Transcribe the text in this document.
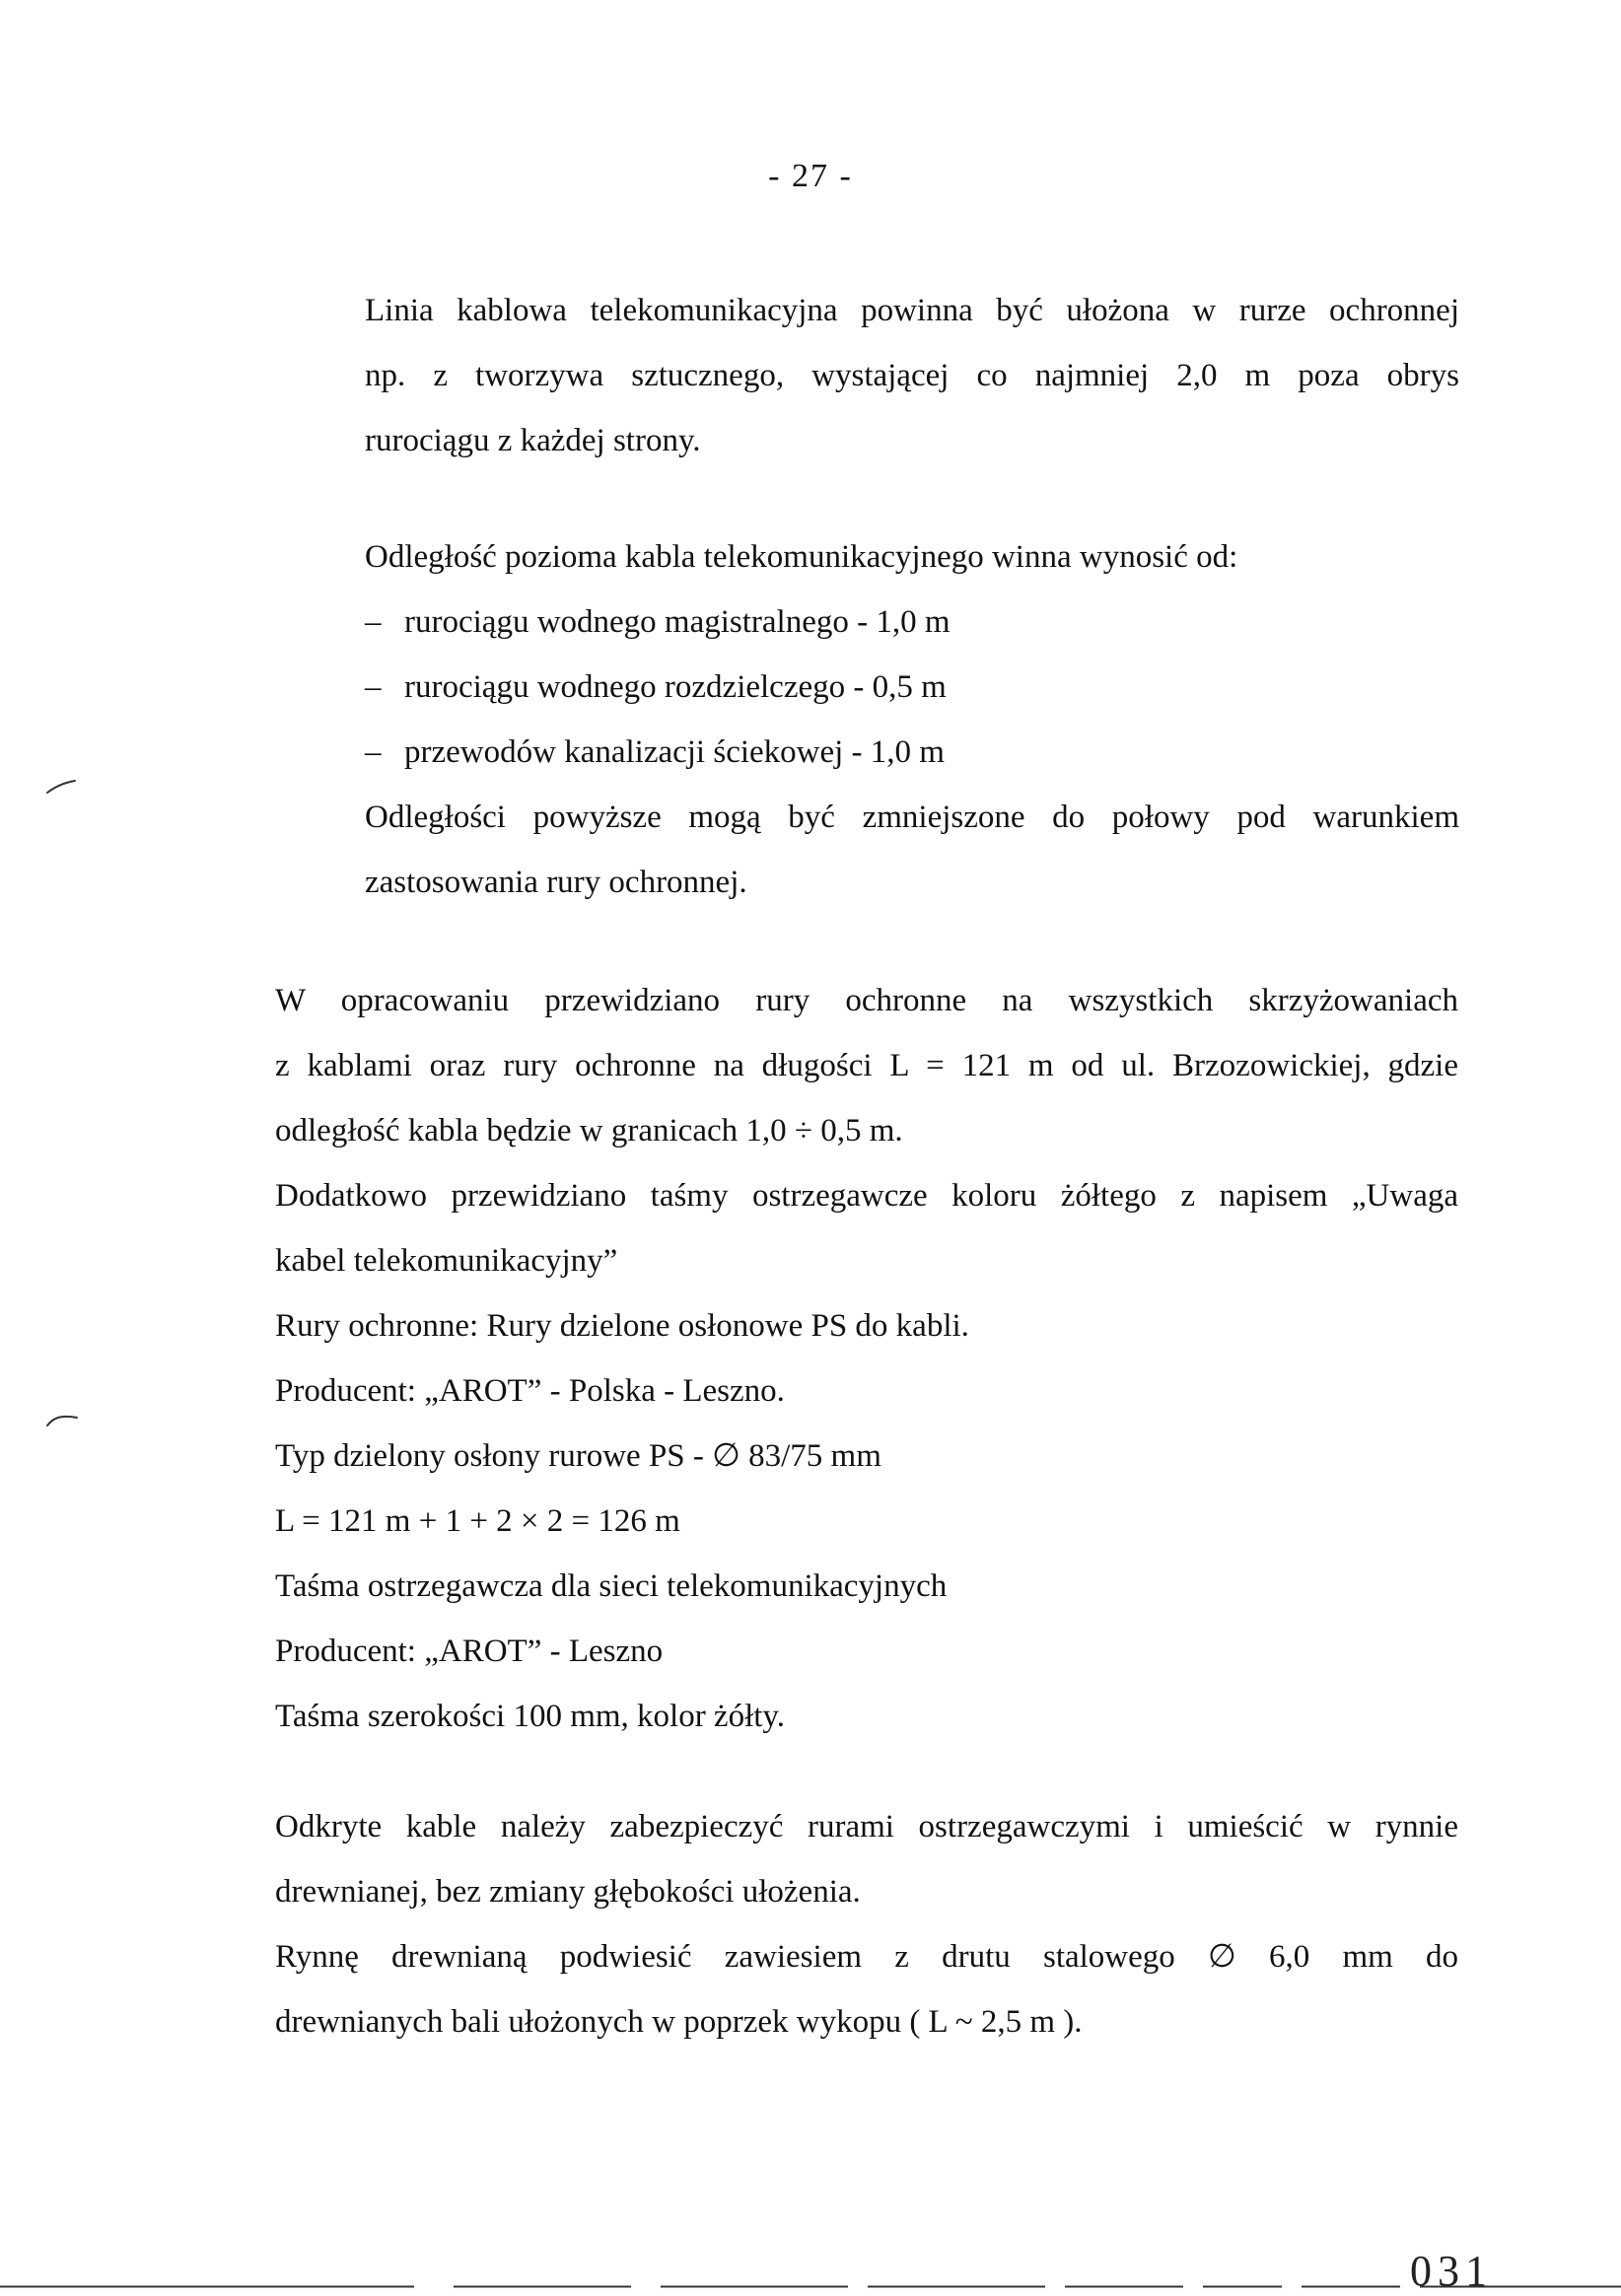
- 27 -
Linia kablowa telekomunikacyjna powinna być ułożona w rurze ochronnej
np. z tworzywa sztucznego, wystającej co najmniej 2,0 m poza obrys
rurociągu z każdej strony.
Odległość pozioma kabla telekomunikacyjnego winna wynosić od:
– rurociągu wodnego magistralnego - 1,0 m
– rurociągu wodnego rozdzielczego - 0,5 m
– przewodów kanalizacji ściekowej - 1,0 m
Odległości powyższe mogą być zmniejszone do połowy pod warunkiem
zastosowania rury ochronnej.
W opracowaniu przewidziano rury ochronne na wszystkich skrzyżowaniach
z kablami oraz rury ochronne na długości L = 121 m od ul. Brzozowickiej, gdzie
odległość kabla będzie w granicach 1,0 ÷ 0,5 m.
Dodatkowo przewidziano taśmy ostrzegawcze koloru żółtego z napisem „Uwaga
kabel telekomunikacyjny”
Rury ochronne: Rury dzielone osłonowe PS do kabli.
Producent: „AROT” - Polska - Leszno.
Typ dzielony osłony rurowe PS - ∅ 83/75 mm
L = 121 m + 1 + 2 × 2 = 126 m
Taśma ostrzegawcza dla sieci telekomunikacyjnych
Producent: „AROT” - Leszno
Taśma szerokości 100 mm, kolor żółty.
Odkryte kable należy zabezpieczyć rurami ostrzegawczymi i umieścić w rynnie
drewnianej, bez zmiany głębokości ułożenia.
Rynnę drewnianą podwiesić zawiesiem z drutu stalowego ∅ 6,0 mm do
drewnianych bali ułożonych w poprzek wykopu ( L ~ 2,5 m ).
031
